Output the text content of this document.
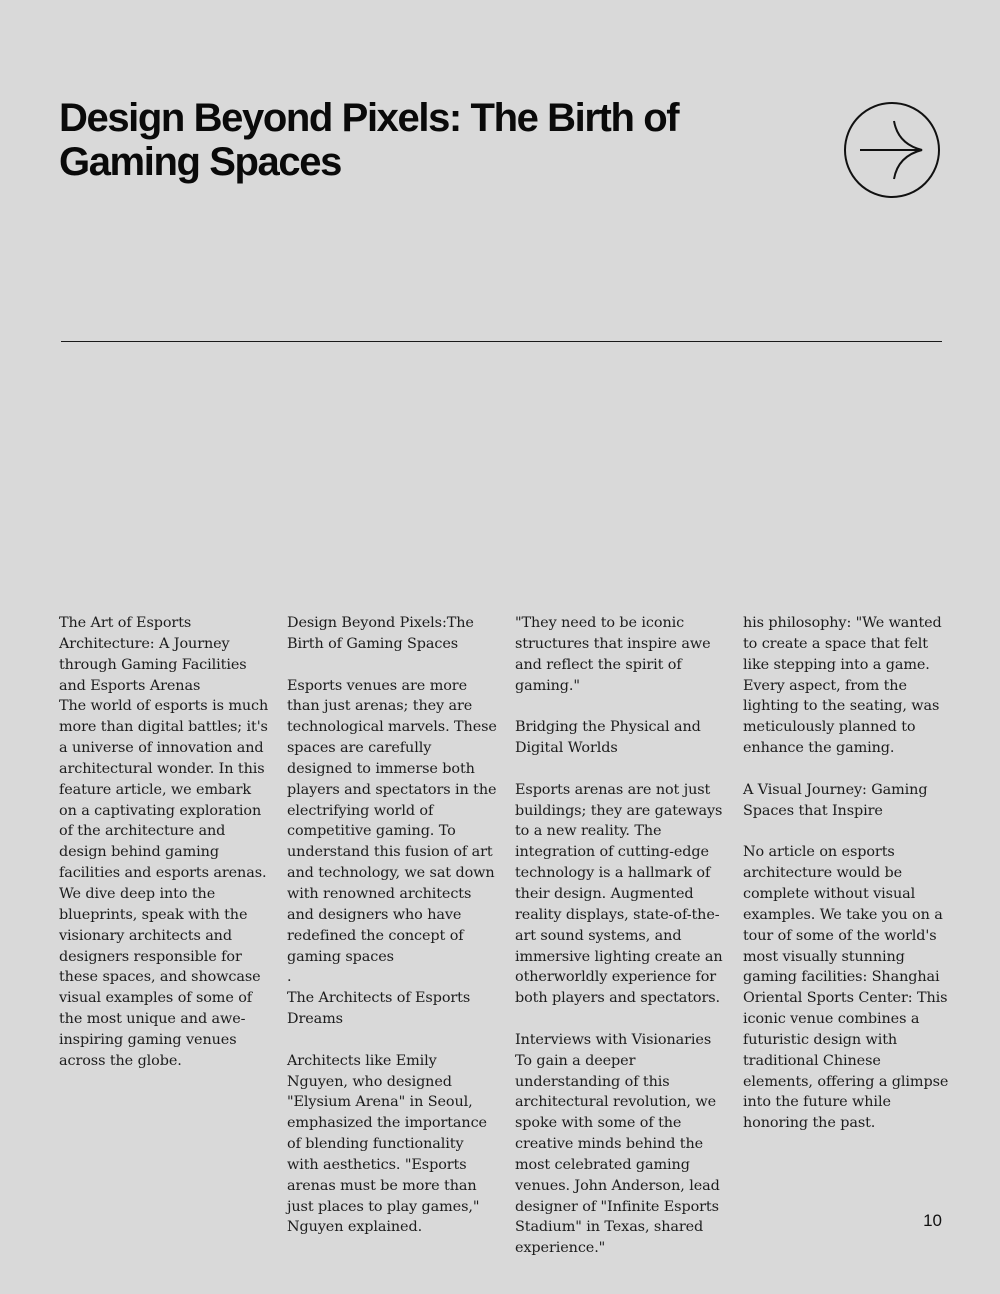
Design Beyond Pixels: The Birth of Gaming Spaces
The Art of Esports Architecture: A Journey through Gaming Facilities and Esports Arenas
The world of esports is much more than digital battles; it's a universe of innovation and architectural wonder. In this feature article, we embark on a captivating exploration of the architecture and design behind gaming facilities and esports arenas. We dive deep into the blueprints, speak with the visionary architects and designers responsible for these spaces, and showcase visual examples of some of the most unique and awe-inspiring gaming venues across the globe.
Design Beyond Pixels:The Birth of Gaming Spaces

Esports venues are more than just arenas; they are technological marvels. These spaces are carefully designed to immerse both players and spectators in the electrifying world of competitive gaming. To understand this fusion of art and technology, we sat down with renowned architects and designers who have redefined the concept of gaming spaces
.
The Architects of Esports Dreams

Architects like Emily Nguyen, who designed "Elysium Arena" in Seoul, emphasized the importance of blending functionality with aesthetics. "Esports arenas must be more than just places to play games," Nguyen explained.
"They need to be iconic structures that inspire awe and reflect the spirit of gaming."

Bridging the Physical and Digital Worlds

Esports arenas are not just buildings; they are gateways to a new reality. The integration of cutting-edge technology is a hallmark of their design. Augmented reality displays, state-of-the-art sound systems, and immersive lighting create an otherworldly experience for both players and spectators.

Interviews with Visionaries
To gain a deeper understanding of this architectural revolution, we spoke with some of the creative minds behind the most celebrated gaming venues. John Anderson, lead designer of "Infinite Esports Stadium" in Texas, shared experience."
his philosophy: "We wanted to create a space that felt like stepping into a game. Every aspect, from the lighting to the seating, was meticulously planned to enhance the gaming.

A Visual Journey: Gaming Spaces that Inspire

No article on esports architecture would be complete without visual examples. We take you on a tour of some of the world's most visually stunning gaming facilities: Shanghai Oriental Sports Center: This iconic venue combines a futuristic design with traditional Chinese elements, offering a glimpse into the future while honoring the past.
10
